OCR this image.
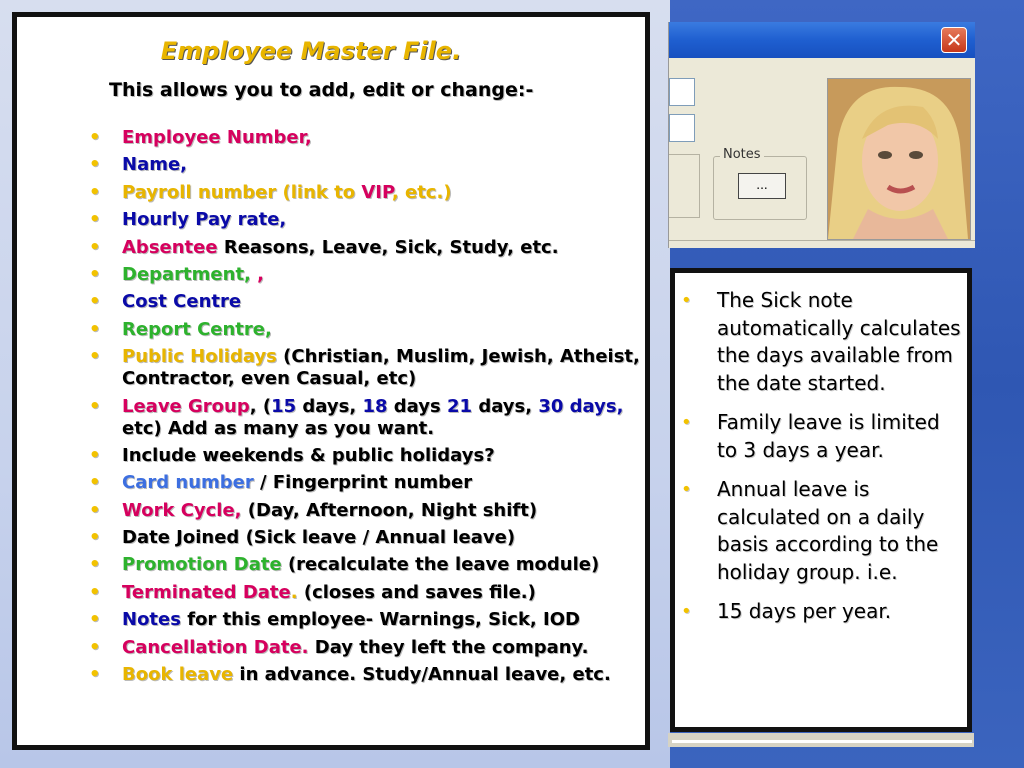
✕
Notes
...
Employee Master File.
This allows you to add, edit or change:-
• Employee Number,
• Name,
• Payroll number (link to VIP, etc.)
• Hourly Pay rate,
• Absentee Reasons, Leave, Sick, Study, etc.
• Department, ,
• Cost Centre
• Report Centre,
• Public Holidays (Christian, Muslim, Jewish, Atheist, Contractor, even Casual, etc)
• Leave Group, (15 days, 18 days 21 days, 30 days, etc) Add as many as you want.
• Include weekends & public holidays?
• Card number / Fingerprint number
• Work Cycle, (Day, Afternoon, Night shift)
• Date Joined (Sick leave / Annual leave)
• Promotion Date (recalculate the leave module)
• Terminated Date. (closes and saves file.)
• Notes for this employee- Warnings, Sick, IOD
• Cancellation Date. Day they left the company.
• Book leave in advance. Study/Annual leave, etc.
• The Sick note automatically calculates the days available from the date started.
• Family leave is limited to 3 days a year.
• Annual leave is calculated on a daily basis according to the holiday group. i.e.
• 15 days per year.
